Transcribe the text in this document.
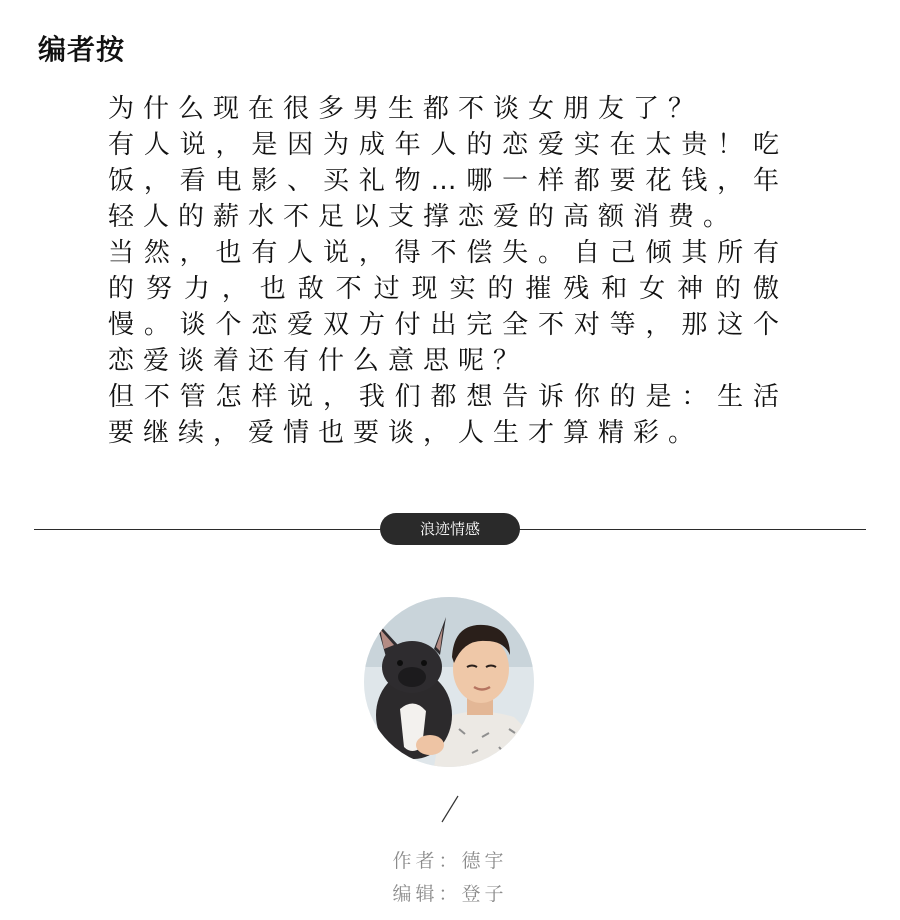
编者按

为什么现在很多男生都不谈女朋友了？

有人说，是因为成年人的恋爱实在太贵！吃饭，看电影、买礼物…哪一样都要花钱，年轻人的薪水不足以支撑恋爱的高额消费。

当然，也有人说，得不偿失。自己倾其所有的努力，也敌不过现实的摧残和女神的傲慢。谈个恋爱双方付出完全不对等，那这个恋爱谈着还有什么意思呢？

但不管怎样说，我们都想告诉你的是：生活要继续，爱情也要谈，人生才算精彩。

浪迹情感
作者：德宇
编辑：登子
